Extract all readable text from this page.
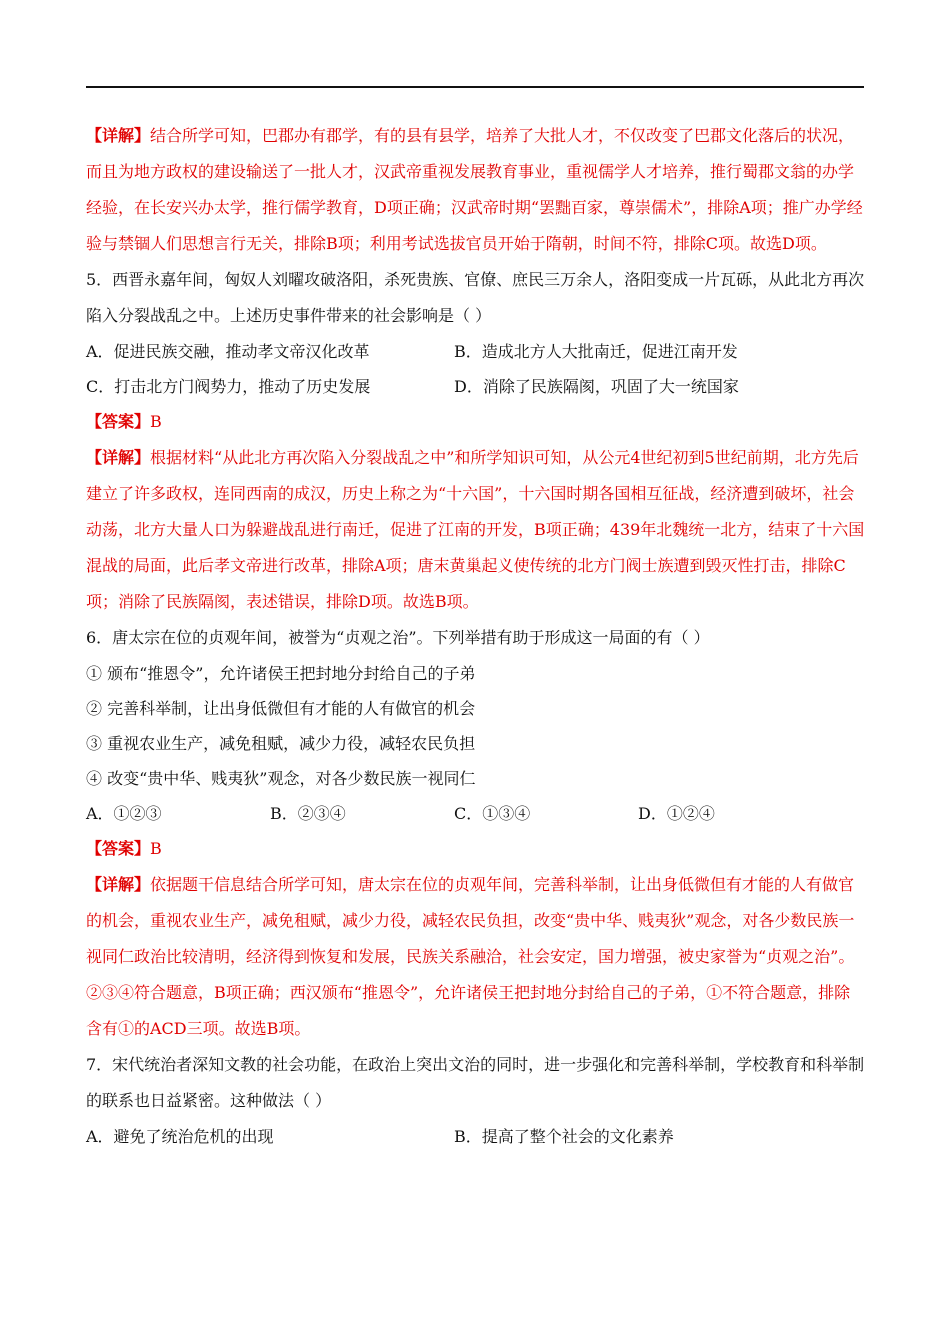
【详解】结合所学可知，巴郡办有郡学，有的县有县学，培养了大批人才，不仅改变了巴郡文化落后的状况，而且为地方政权的建设输送了一批人才，汉武帝重视发展教育事业，重视儒学人才培养，推行蜀郡文翁的办学经验，在长安兴办太学，推行儒学教育，D项正确；汉武帝时期“罢黜百家，尊崇儒术”，排除A项；推广办学经验与禁锢人们思想言行无关，排除B项；利用考试选拔官员开始于隋朝，时间不符，排除C项。故选D项。

5．西晋永嘉年间，匈奴人刘曜攻破洛阳，杀死贵族、官僚、庶民三万余人，洛阳变成一片瓦砾，从此北方再次陷入分裂战乱之中。上述历史事件带来的社会影响是（ ）

A．促进民族交融，推动孝文帝汉化改革	B．造成北方人大批南迁，促进江南开发
C．打击北方门阀势力，推动了历史发展	D．消除了民族隔阂，巩固了大一统国家

【答案】B

【详解】根据材料“从此北方再次陷入分裂战乱之中”和所学知识可知，从公元4世纪初到5世纪前期，北方先后建立了许多政权，连同西南的成汉，历史上称之为“十六国”，十六国时期各国相互征战，经济遭到破坏，社会动荡，北方大量人口为躲避战乱进行南迁，促进了江南的开发，B项正确；439年北魏统一北方，结束了十六国混战的局面，此后孝文帝进行改革，排除A项；唐末黄巢起义使传统的北方门阀士族遭到毁灭性打击，排除C项；消除了民族隔阂，表述错误，排除D项。故选B项。

6．唐太宗在位的贞观年间，被誉为“贞观之治”。下列举措有助于形成这一局面的有（ ）

① 颁布“推恩令”，允许诸侯王把封地分封给自己的子弟
② 完善科举制，让出身低微但有才能的人有做官的机会
③ 重视农业生产，减免租赋，减少力役，减轻农民负担
④ 改变“贵中华、贱夷狄”观念，对各少数民族一视同仁
A．①②③	B．②③④	C．①③④	D．①②④

【答案】B

【详解】依据题干信息结合所学可知，唐太宗在位的贞观年间，完善科举制，让出身低微但有才能的人有做官的机会，重视农业生产，减免租赋，减少力役，减轻农民负担，改变“贵中华、贱夷狄”观念，对各少数民族一视同仁政治比较清明，经济得到恢复和发展，民族关系融洽，社会安定，国力增强，被史家誉为“贞观之治”。②③④符合题意，B项正确；西汉颁布“推恩令”，允许诸侯王把封地分封给自己的子弟，①不符合题意，排除含有①的ACD三项。故选B项。

7．宋代统治者深知文教的社会功能，在政治上突出文治的同时，进一步强化和完善科举制，学校教育和科举制的联系也日益紧密。这种做法（ ）

A．避免了统治危机的出现	B．提高了整个社会的文化素养
